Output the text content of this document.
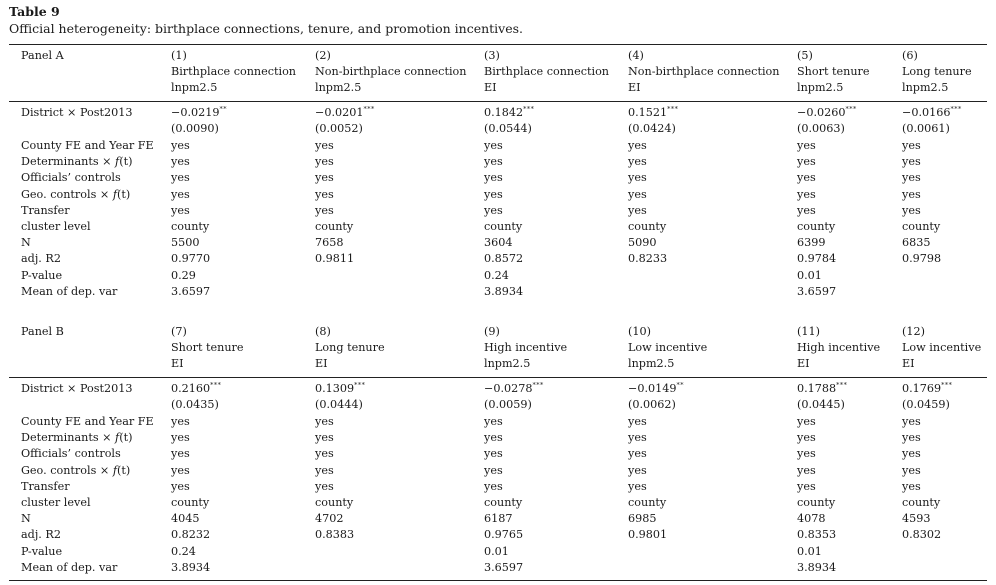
Table 9
Official heterogeneity: birthplace connections, tenure, and promotion incentives.
Panel A
District × Post2013
County FE and Year FE
Determinants × f(t)
Officials’ controls
Geo. controls × f(t)
Transfer
cluster level
N
adj. R2
P-value
Mean of dep. var
(1)
Birthplace connection
lnpm2.5
−0.0219**
(0.0090)
yes
yes
yes
yes
yes
county
5500
0.9770
0.29
3.6597
(2)
Non-birthplace connection
lnpm2.5
−0.0201***
(0.0052)
yes
yes
yes
yes
yes
county
7658
0.9811
(3)
Birthplace connection
EI
0.1842***
(0.0544)
yes
yes
yes
yes
yes
county
3604
0.8572
0.24
3.8934
(4)
Non-birthplace connection
EI
0.1521***
(0.0424)
yes
yes
yes
yes
yes
county
5090
0.8233
(5)
Short tenure
lnpm2.5
−0.0260***
(0.0063)
yes
yes
yes
yes
yes
county
6399
0.9784
0.01
3.6597
(6)
Long tenure
lnpm2.5
−0.0166***
(0.0061)
yes
yes
yes
yes
yes
county
6835
0.9798
Panel B
District × Post2013
County FE and Year FE
Determinants × f(t)
Officials’ controls
Geo. controls × f(t)
Transfer
cluster level
N
adj. R2
P-value
Mean of dep. var
(7)
Short tenure
EI
0.2160***
(0.0435)
yes
yes
yes
yes
yes
county
4045
0.8232
0.24
3.8934
(8)
Long tenure
EI
0.1309***
(0.0444)
yes
yes
yes
yes
yes
county
4702
0.8383
(9)
High incentive
lnpm2.5
−0.0278***
(0.0059)
yes
yes
yes
yes
yes
county
6187
0.9765
0.01
3.6597
(10)
Low incentive
lnpm2.5
−0.0149**
(0.0062)
yes
yes
yes
yes
yes
county
6985
0.9801
(11)
High incentive
EI
0.1788***
(0.0445)
yes
yes
yes
yes
yes
county
4078
0.8353
0.01
3.8934
(12)
Low incentive
EI
0.1769***
(0.0459)
yes
yes
yes
yes
yes
county
4593
0.8302
